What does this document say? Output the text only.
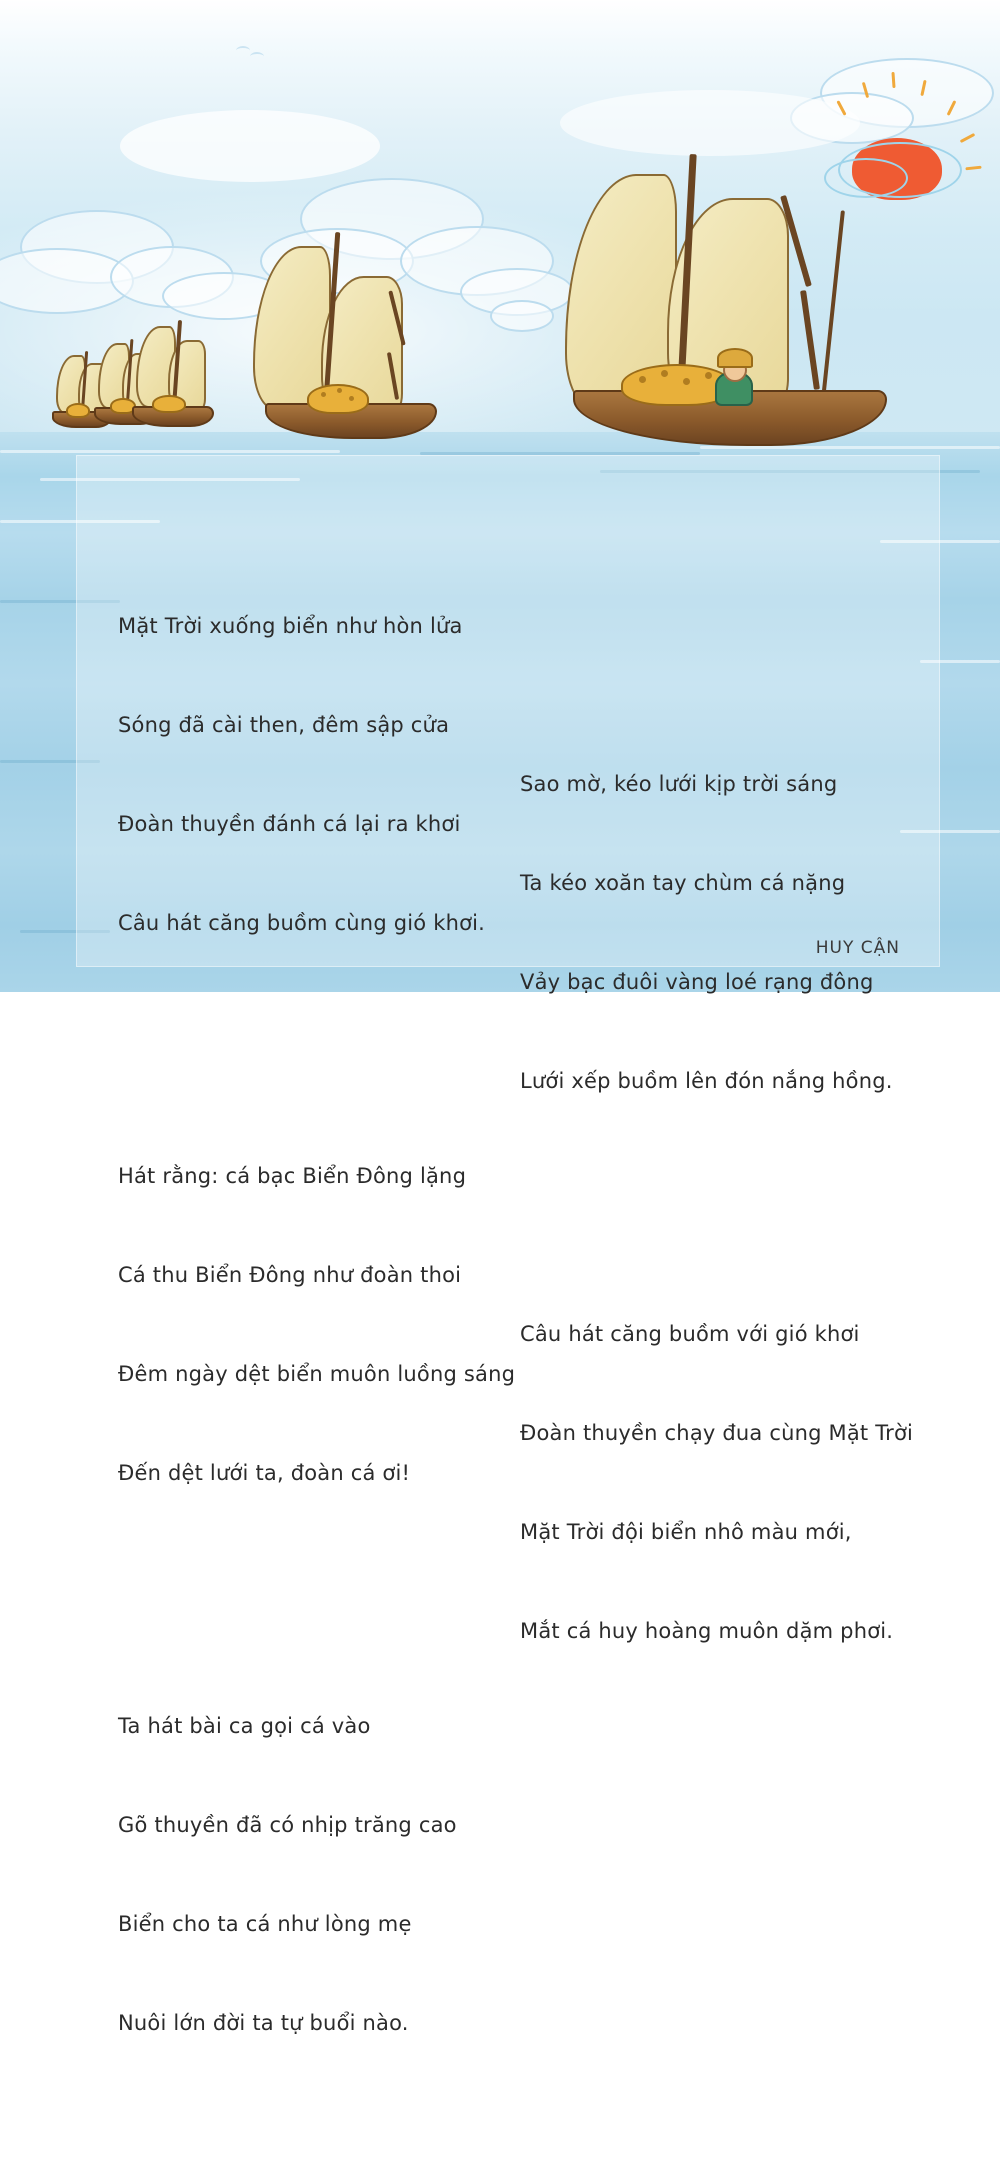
Mặt Trời xuống biển như hòn lửa

Sóng đã cài then, đêm sập cửa

Đoàn thuyền đánh cá lại ra khơi

Câu hát căng buồm cùng gió khơi.

Hát rằng: cá bạc Biển Đông lặng

Cá thu Biển Đông như đoàn thoi

Đêm ngày dệt biển muôn luồng sáng

Đến dệt lưới ta, đoàn cá ơi!

Ta hát bài ca gọi cá vào

Gõ thuyền đã có nhịp trăng cao

Biển cho ta cá như lòng mẹ

Nuôi lớn đời ta tự buổi nào.

Sao mờ, kéo lưới kịp trời sáng

Ta kéo xoăn tay chùm cá nặng

Vảy bạc đuôi vàng loé rạng đông

Lưới xếp buồm lên đón nắng hồng.

Câu hát căng buồm với gió khơi

Đoàn thuyền chạy đua cùng Mặt Trời

Mặt Trời đội biển nhô màu mới,

Mắt cá huy hoàng muôn dặm phơi.

HUY CẬN
